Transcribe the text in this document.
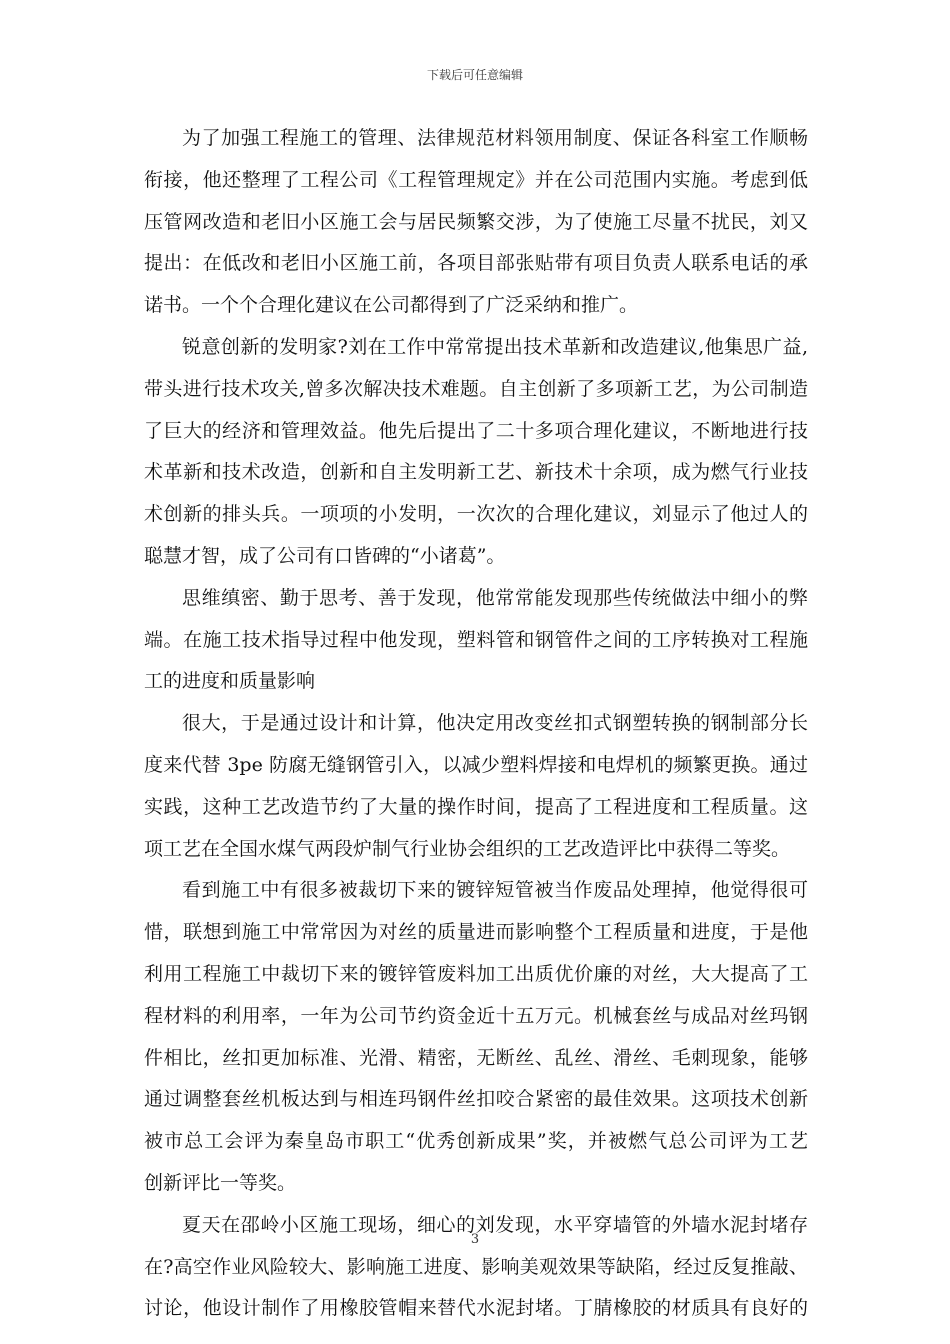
下载后可任意编辑
为了加强工程施工的管理、法律规范材料领用制度、保证各科室工作顺畅
衔接，他还整理了工程公司《工程管理规定》并在公司范围内实施。考虑到低
压管网改造和老旧小区施工会与居民频繁交涉，为了使施工尽量不扰民，刘又
提出：在低改和老旧小区施工前，各项目部张贴带有项目负责人联系电话的承
诺书。一个个合理化建议在公司都得到了广泛采纳和推广。
锐意创新的发明家?刘在工作中常常提出技术革新和改造建议,他集思广益,
带头进行技术攻关,曾多次解决技术难题。自主创新了多项新工艺，为公司制造
了巨大的经济和管理效益。他先后提出了二十多项合理化建议，不断地进行技
术革新和技术改造，创新和自主发明新工艺、新技术十余项，成为燃气行业技
术创新的排头兵。一项项的小发明，一次次的合理化建议，刘显示了他过人的
聪慧才智，成了公司有口皆碑的“小诸葛”。
思维缜密、勤于思考、善于发现，他常常能发现那些传统做法中细小的弊
端。在施工技术指导过程中他发现，塑料管和钢管件之间的工序转换对工程施
工的进度和质量影响
很大，于是通过设计和计算，他决定用改变丝扣式钢塑转换的钢制部分长
度来代替 3pe 防腐无缝钢管引入，以减少塑料焊接和电焊机的频繁更换。通过
实践，这种工艺改造节约了大量的操作时间，提高了工程进度和工程质量。这
项工艺在全国水煤气两段炉制气行业协会组织的工艺改造评比中获得二等奖。
看到施工中有很多被裁切下来的镀锌短管被当作废品处理掉，他觉得很可
惜，联想到施工中常常因为对丝的质量进而影响整个工程质量和进度，于是他
利用工程施工中裁切下来的镀锌管废料加工出质优价廉的对丝，大大提高了工
程材料的利用率，一年为公司节约资金近十五万元。机械套丝与成品对丝玛钢
件相比，丝扣更加标准、光滑、精密，无断丝、乱丝、滑丝、毛刺现象，能够
通过调整套丝机板达到与相连玛钢件丝扣咬合紧密的最佳效果。这项技术创新
被市总工会评为秦皇岛市职工“优秀创新成果”奖，并被燃气总公司评为工艺
创新评比一等奖。
夏天在邵岭小区施工现场，细心的刘发现，水平穿墙管的外墙水泥封堵存
在?高空作业风险较大、影响施工进度、影响美观效果等缺陷，经过反复推敲、
讨论，他设计制作了用橡胶管帽来替代水泥封堵。丁腈橡胶的材质具有良好的
3
